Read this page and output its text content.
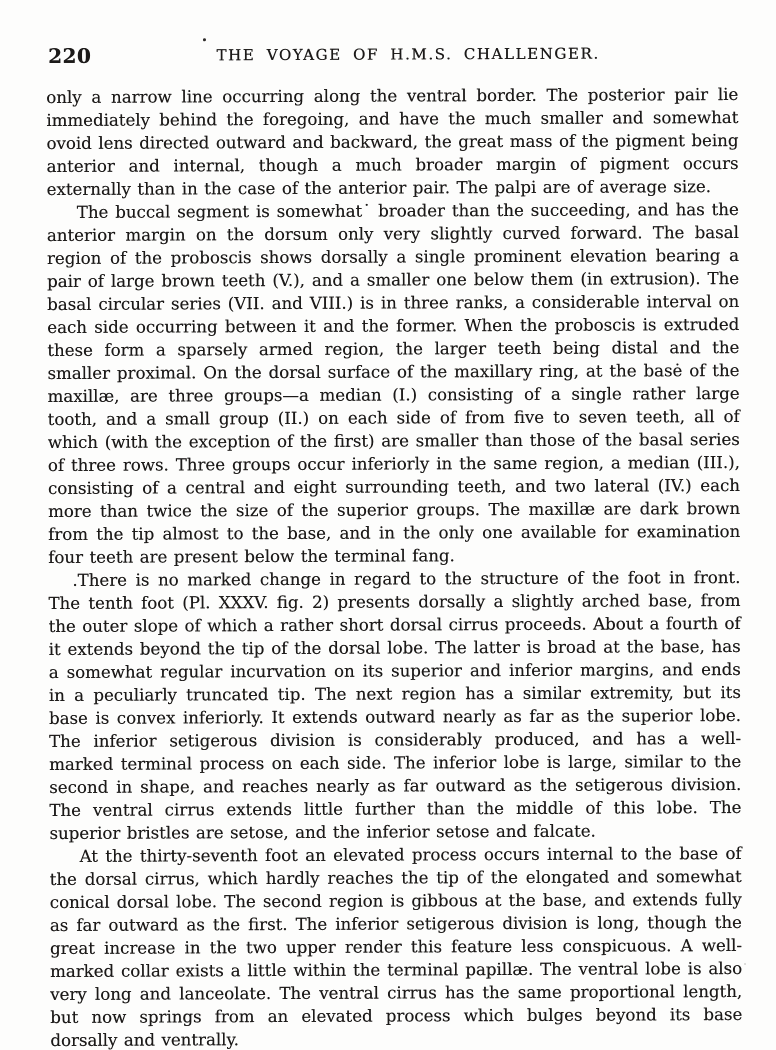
220	THE VOYAGE OF H.M.S. CHALLENGER.

only a narrow line occurring along the ventral border. The posterior pair lie immediately behind the foregoing, and have the much smaller and somewhat ovoid lens directed outward and backward, the great mass of the pigment being anterior and internal, though a much broader margin of pigment occurs externally than in the case of the anterior pair. The palpi are of average size.

The buccal segment is somewhat˙ broader than the succeeding, and has the anterior margin on the dorsum only very slightly curved forward. The basal region of the proboscis shows dorsally a single prominent elevation bearing a pair of large brown teeth (V.), and a smaller one below them (in extrusion). The basal circular series (VII. and VIII.) is in three ranks, a considerable interval on each side occurring between it and the former. When the proboscis is extruded these form a sparsely armed region, the larger teeth being distal and the smaller proximal. On the dorsal surface of the maxillary ring, at the basė of the maxillæ, are three groups—a median (I.) consisting of a single rather large tooth, and a small group (II.) on each side of from five to seven teeth, all of which (with the exception of the first) are smaller than those of the basal series of three rows. Three groups occur inferiorly in the same region, a median (III.), consisting of a central and eight surrounding teeth, and two lateral (IV.) each more than twice the size of the superior groups. The maxillæ are dark brown from the tip almost to the base, and in the only one available for examination four teeth are present below the terminal fang.

.There is no marked change in regard to the structure of the foot in front. The tenth foot (Pl. XXXV. fig. 2) presents dorsally a slightly arched base, from the outer slope of which a rather short dorsal cirrus proceeds. About a fourth of it extends beyond the tip of the dorsal lobe. The latter is broad at the base, has a somewhat regular incurvation on its superior and inferior margins, and ends in a peculiarly truncated tip. The next region has a similar extremity, but its base is convex inferiorly. It extends outward nearly as far as the superior lobe. The inferior setigerous division is considerably produced, and has a well-marked terminal process on each side. The inferior lobe is large, similar to the second in shape, and reaches nearly as far outward as the setigerous division. The ventral cirrus extends little further than the middle of this lobe. The superior bristles are setose, and the inferior setose and falcate.

At the thirty-seventh foot an elevated process occurs internal to the base of the dorsal cirrus, which hardly reaches the tip of the elongated and somewhat conical dorsal lobe. The second region is gibbous at the base, and extends fully as far outward as the first. The inferior setigerous division is long, though the great increase in the two upper render this feature less conspicuous. A well-marked collar exists a little within the terminal papillæ. The ventral lobe is also very long and lanceolate. The ventral cirrus has the same proportional length, but now springs from an elevated process which bulges beyond its base dorsally and ventrally.
